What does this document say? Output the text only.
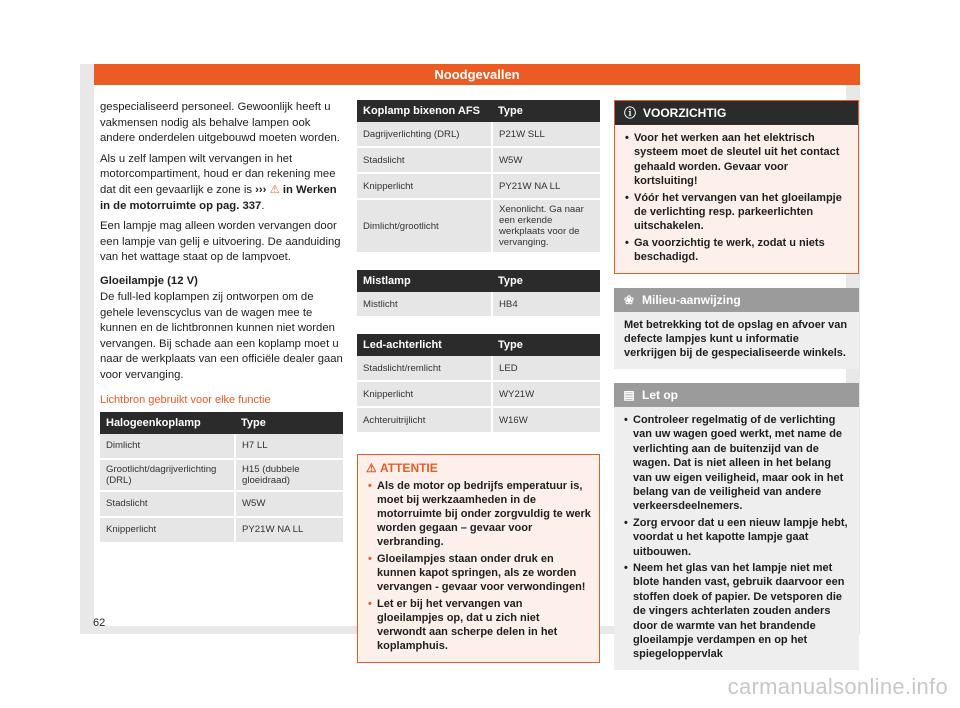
Noodgevallen

gespecialiseerd personeel. Gewoonlijk heeft u vakmensen nodig als behalve lampen ook andere onderdelen uitgebouwd moeten worden.

Als u zelf lampen wilt vervangen in het motorcompartiment, houd er dan rekening mee dat dit een gevaarlijk e zone is ››› ⚠ in Werken in de motorruimte op pag. 337.

Een lampje mag alleen worden vervangen door een lampje van gelij e uitvoering. De aanduiding van het wattage staat op de lampvoet.

Gloeilampje (12 V)

De full-led koplampen zij ontworpen om de gehele levenscyclus van de wagen mee te kunnen en de lichtbronnen kunnen niet worden vervangen. Bij schade aan een koplamp moet u naar de werkplaats van een officiële dealer gaan voor vervanging.

Lichtbron gebruikt voor elke functie
Halogeenkoplamp	Type
Dimlicht	H7 LL
Grootlicht/dagrijverlichting (DRL)	H15 (dubbele gloeidraad)
Stadslicht	W5W
Knipperlicht	PY21W NA LL
Koplamp bixenon AFS	Type
Dagrijverlichting (DRL)	P21W SLL
Stadslicht	W5W
Knipperlicht	PY21W NA LL
Dimlicht/grootlicht	Xenonlicht. Ga naar een erkende werkplaats voor de vervanging.
Mistlamp	Type
Mistlicht	HB4
Led-achterlicht	Type
Stadslicht/remlicht	LED
Knipperlicht	WY21W
Achteruitrijlicht	W16W
⚠ ATTENTIE
• Als de motor op bedrijfs emperatuur is, moet bij werkzaamheden in de motorruimte bij onder zorgvuldig te werk worden gegaan – gevaar voor verbranding.
• Gloeilampjes staan onder druk en kunnen kapot springen, als ze worden vervangen - gevaar voor verwondingen!
• Let er bij het vervangen van gloeilampjes op, dat u zich niet verwondt aan scherpe delen in het koplamphuis.
ⓘ VOORZICHTIG
• Voor het werken aan het elektrisch systeem moet de sleutel uit het contact gehaald worden. Gevaar voor kortsluiting!
• Vóór het vervangen van het gloeilampje de verlichting resp. parkeerlichten uitschakelen.
• Ga voorzichtig te werk, zodat u niets beschadigd.
❀ Milieu-aanwijzing

Met betrekking tot de opslag en afvoer van defecte lampjes kunt u informatie verkrijgen bij de gespecialiseerde winkels.

▤ Let op
• Controleer regelmatig of de verlichting van uw wagen goed werkt, met name de verlichting aan de buitenzijd van de wagen. Dat is niet alleen in het belang van uw eigen veiligheid, maar ook in het belang van de veiligheid van andere verkeersdeelnemers.
• Zorg ervoor dat u een nieuw lampje hebt, voordat u het kapotte lampje gaat uitbouwen.
• Neem het glas van het lampje niet met blote handen vast, gebruik daarvoor een stoffen doek of papier. De vetsporen die de vingers achterlaten zouden anders door de warmte van het brandende gloeilampje verdampen en op het spiegeloppervlak
62
carmanualsonline.info
